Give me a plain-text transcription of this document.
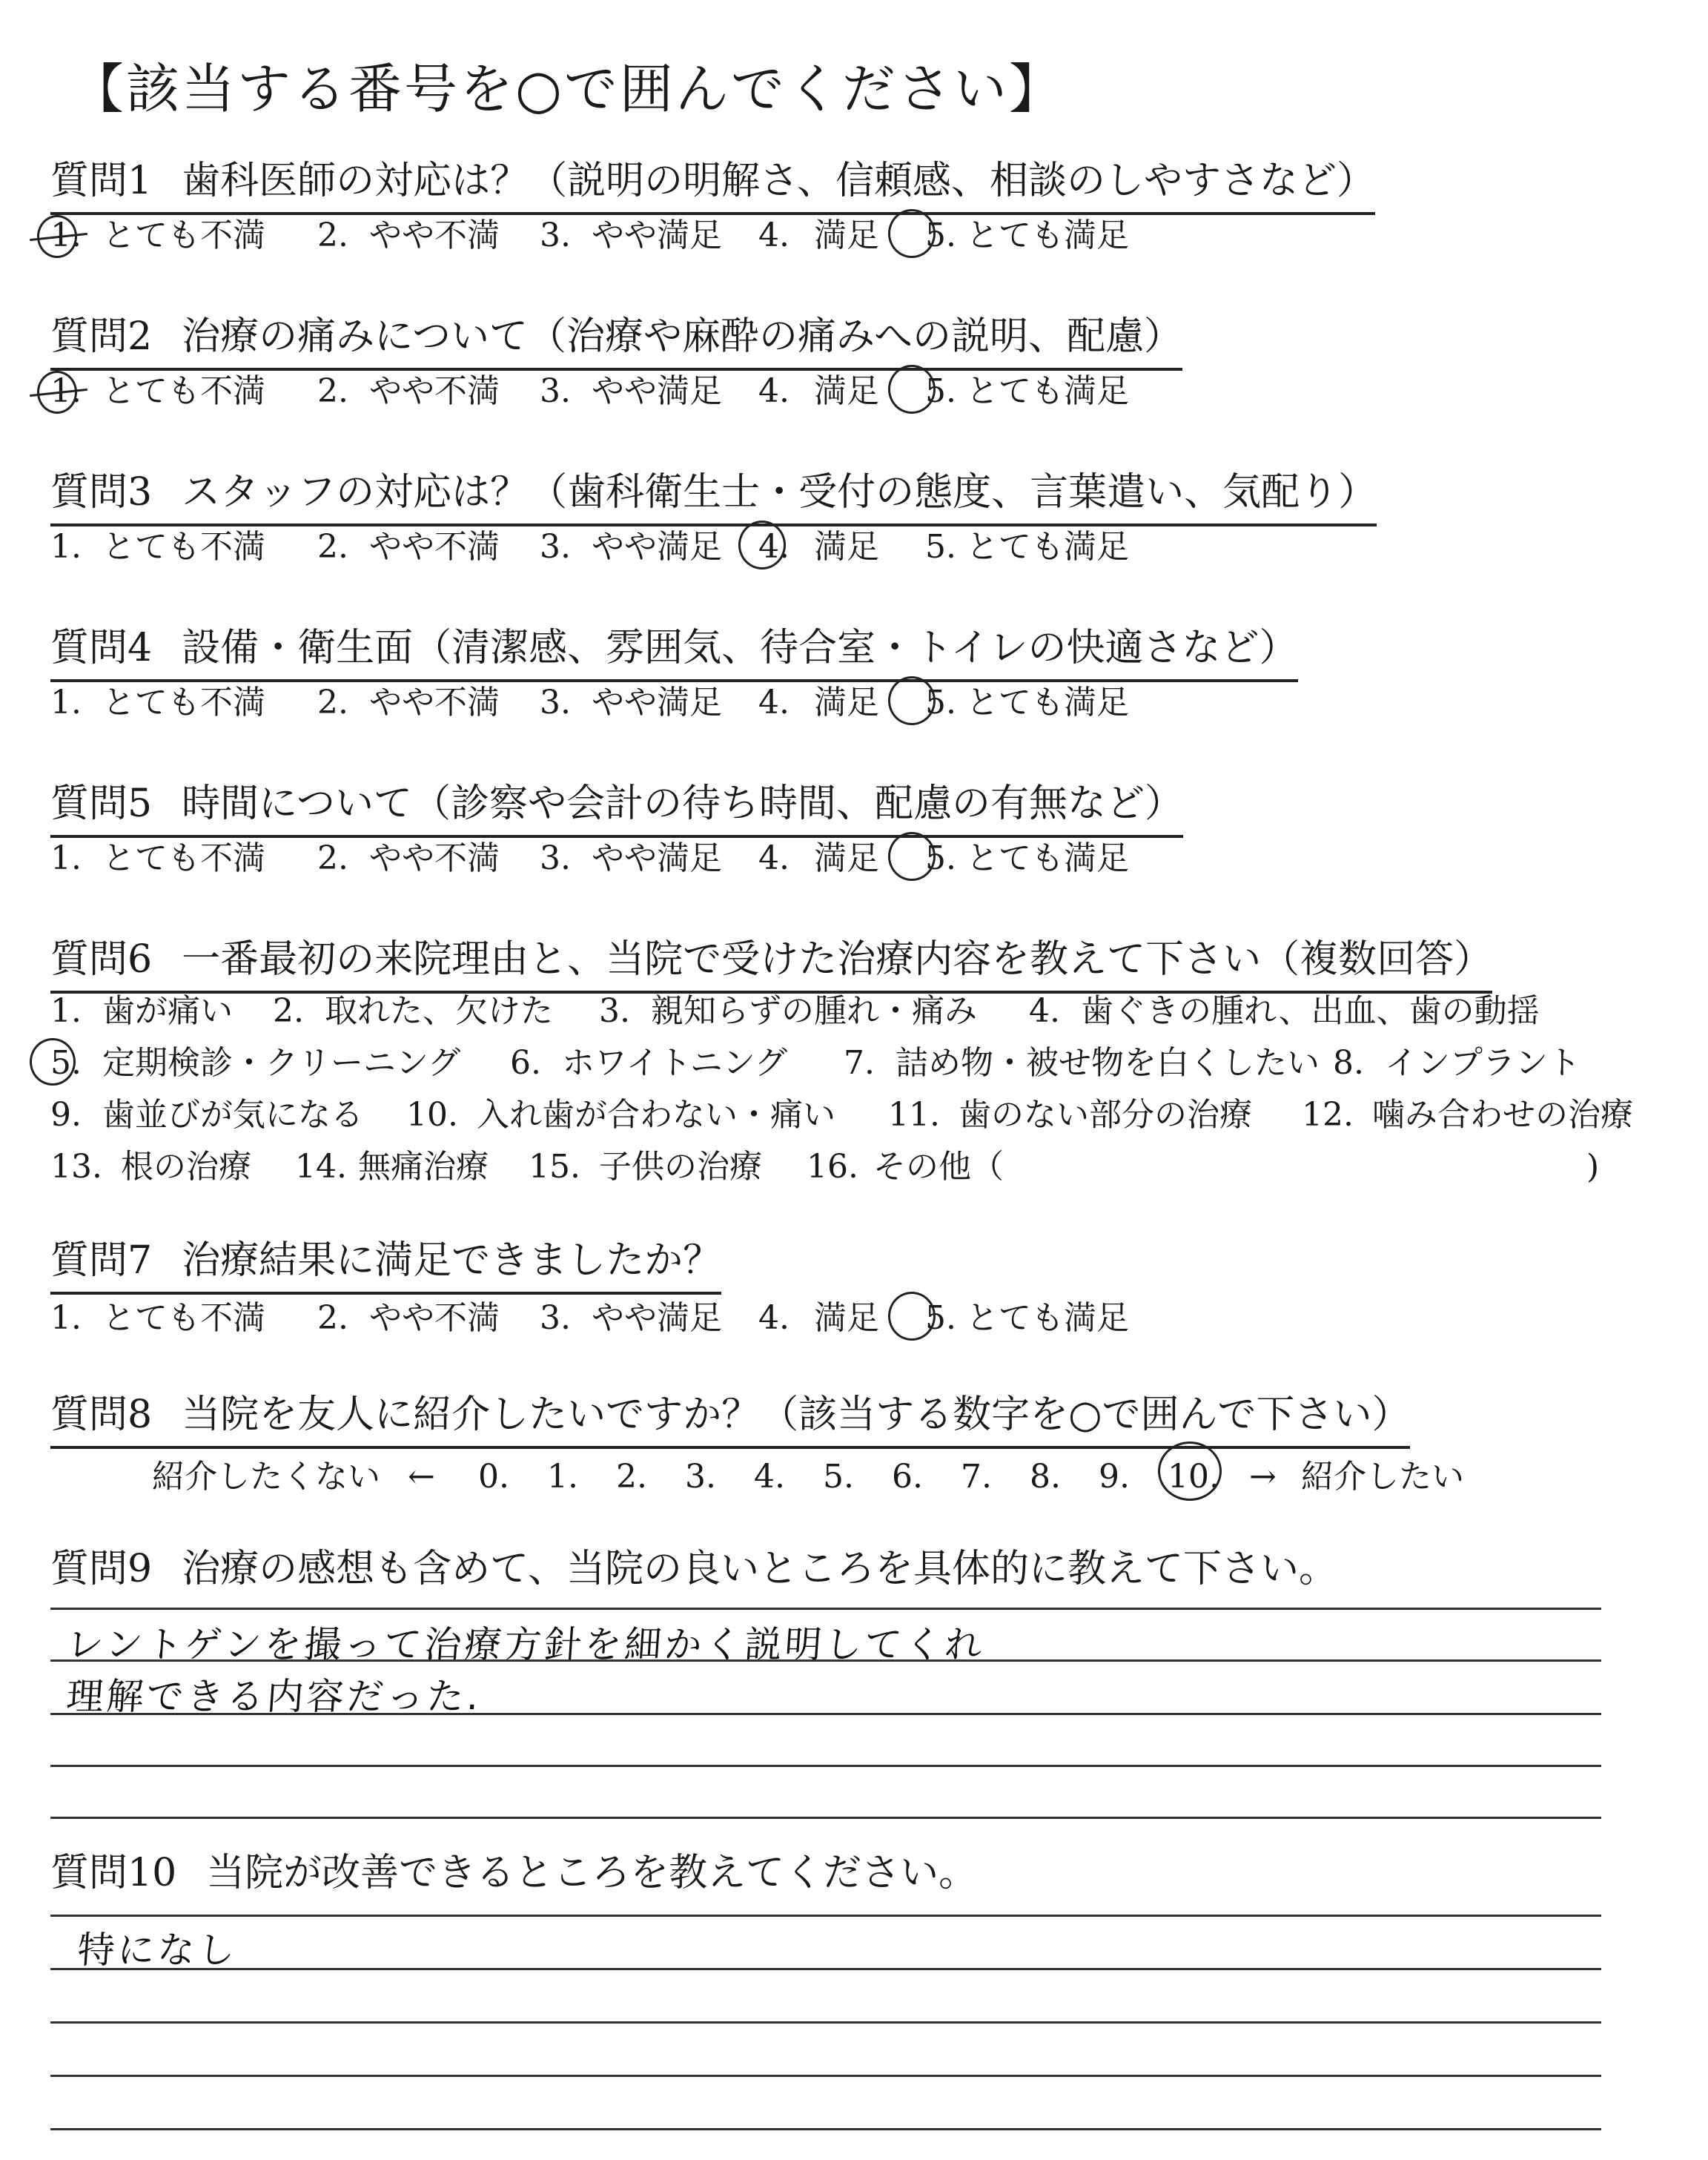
【該当する番号を○で囲んでください】
質問1 歯科医師の対応は？（説明の明解さ、信頼感、相談のしやすさなど）
1. とても不満 2. やや不満 3. やや満足 4. 満足 5. とても満足
質問2 治療の痛みについて（治療や麻酔の痛みへの説明、配慮）
1. とても不満 2. やや不満 3. やや満足 4. 満足 5. とても満足
質問3 スタッフの対応は？（歯科衛生士・受付の態度、言葉遣い、気配り）
1. とても不満 2. やや不満 3. やや満足 4. 満足 5. とても満足
質問4 設備・衛生面（清潔感、雰囲気、待合室・トイレの快適さなど）
1. とても不満 2. やや不満 3. やや満足 4. 満足 5. とても満足
質問5 時間について（診察や会計の待ち時間、配慮の有無など）
1. とても不満 2. やや不満 3. やや満足 4. 満足 5. とても満足
質問6 一番最初の来院理由と、当院で受けた治療内容を教えて下さい（複数回答）
1. 歯が痛い 2. 取れた、欠けた 3. 親知らずの腫れ・痛み 4. 歯ぐきの腫れ、出血、歯の動揺
5. 定期検診・クリーニング 6. ホワイトニング 7. 詰め物・被せ物を白くしたい 8. インプラント
9. 歯並びが気になる 10. 入れ歯が合わない・痛い 11. 歯のない部分の治療 12. 噛み合わせの治療
13. 根の治療 14. 無痛治療 15. 子供の治療 16. その他（	)
質問7 治療結果に満足できましたか？
1. とても不満 2. やや不満 3. やや満足 4. 満足 5. とても満足
質問8 当院を友人に紹介したいですか？（該当する数字を○で囲んで下さい）
紹介したくない ← 0. 1. 2. 3. 4. 5. 6. 7. 8. 9. 10. → 紹介したい
質問9 治療の感想も含めて、当院の良いところを具体的に教えて下さい。
レントゲンを撮って治療方針を細かく説明してくれ
理解できる内容だった.
質問10 当院が改善できるところを教えてください。
特になし
